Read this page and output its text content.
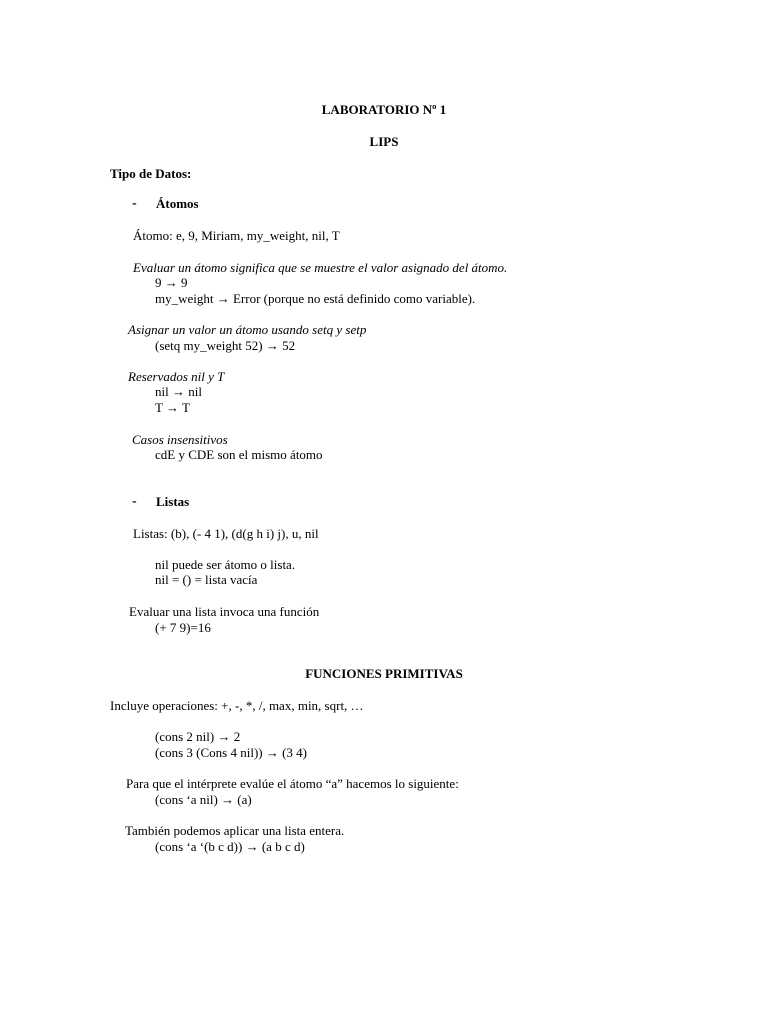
LABORATORIO Nº 1
LIPS
Tipo de Datos:
- Átomos
Átomo: e, 9, Miriam, my_weight, nil, T
Evaluar un átomo significa que se muestre el valor asignado del átomo.
9 → 9
my_weight → Error (porque no está definido como variable).
Asignar un valor un átomo usando setq y setp
(setq my_weight 52) → 52
Reservados nil y T
nil → nil
T → T
Casos insensitivos
cdE y CDE son el mismo átomo
- Listas
Listas: (b), (- 4 1), (d(g h i) j), u, nil
nil puede ser átomo o lista.
nil = () = lista vacía
Evaluar una lista invoca una función
(+ 7 9)=16
FUNCIONES PRIMITIVAS
Incluye operaciones: +, -, *, /, max, min, sqrt, …
(cons 2 nil) → 2
(cons 3 (Cons 4 nil)) → (3 4)
Para que el intérprete evalúe el átomo “a” hacemos lo siguiente:
(cons ‘a nil) → (a)
También podemos aplicar una lista entera.
(cons ‘a ‘(b c d)) → (a b c d)
